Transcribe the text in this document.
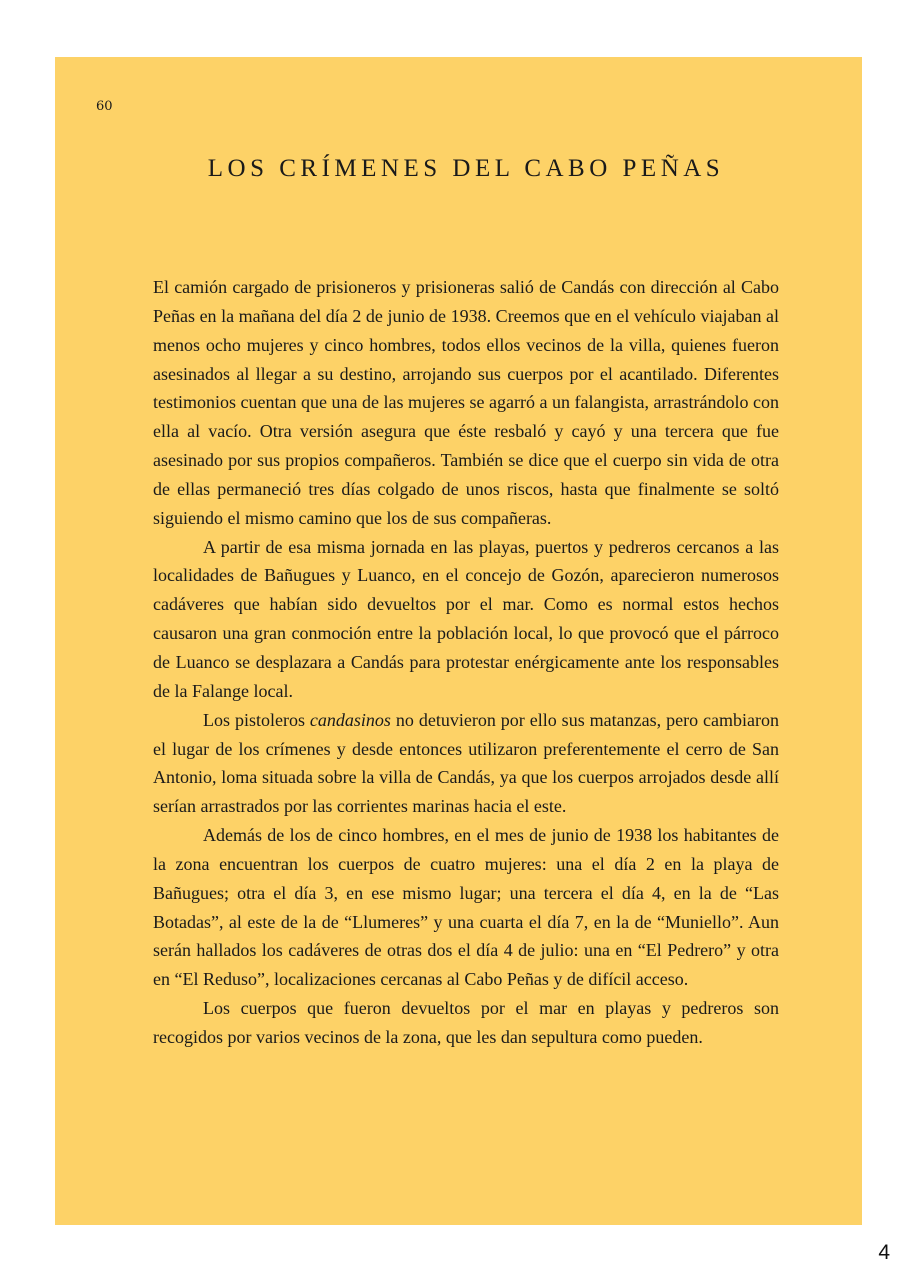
60
LOS CRÍMENES DEL CABO PEÑAS

El camión cargado de prisioneros y prisioneras salió de Candás con dirección al Cabo Peñas en la mañana del día 2 de junio de 1938. Creemos que en el vehículo viajaban al menos ocho mujeres y cinco hombres, todos ellos vecinos de la villa, quienes fueron asesinados al llegar a su destino, arrojando sus cuerpos por el acantilado. Diferentes testimonios cuentan que una de las mujeres se agarró a un falangista, arrastrándolo con ella al vacío. Otra versión asegura que éste resbaló y cayó y una tercera que fue asesinado por sus propios compañeros. También se dice que el cuerpo sin vida de otra de ellas permaneció tres días colgado de unos riscos, hasta que finalmente se soltó siguiendo el mismo camino que los de sus compañeras.

A partir de esa misma jornada en las playas, puertos y pedreros cercanos a las localidades de Bañugues y Luanco, en el concejo de Gozón, aparecieron numerosos cadáveres que habían sido devueltos por el mar. Como es normal estos hechos causaron una gran conmoción entre la población local, lo que provocó que el párroco de Luanco se desplazara a Candás para protestar enérgicamente ante los responsables de la Falange local.

Los pistoleros candasinos no detuvieron por ello sus matanzas, pero cambiaron el lugar de los crímenes y desde entonces utilizaron preferentemente el cerro de San Antonio, loma situada sobre la villa de Candás, ya que los cuerpos arrojados desde allí serían arrastrados por las corrientes marinas hacia el este.

Además de los de cinco hombres, en el mes de junio de 1938 los habitantes de la zona encuentran los cuerpos de cuatro mujeres: una el día 2 en la playa de Bañugues; otra el día 3, en ese mismo lugar; una tercera el día 4, en la de “Las Botadas”, al este de la de “Llumeres” y una cuarta el día 7, en la de “Muniello”. Aun serán hallados los cadáveres de otras dos el día 4 de julio: una en “El Pedrero” y otra en “El Reduso”, localizaciones cercanas al Cabo Peñas y de difícil acceso.

Los cuerpos que fueron devueltos por el mar en playas y pedreros son recogidos por varios vecinos de la zona, que les dan sepultura como pueden.

4
